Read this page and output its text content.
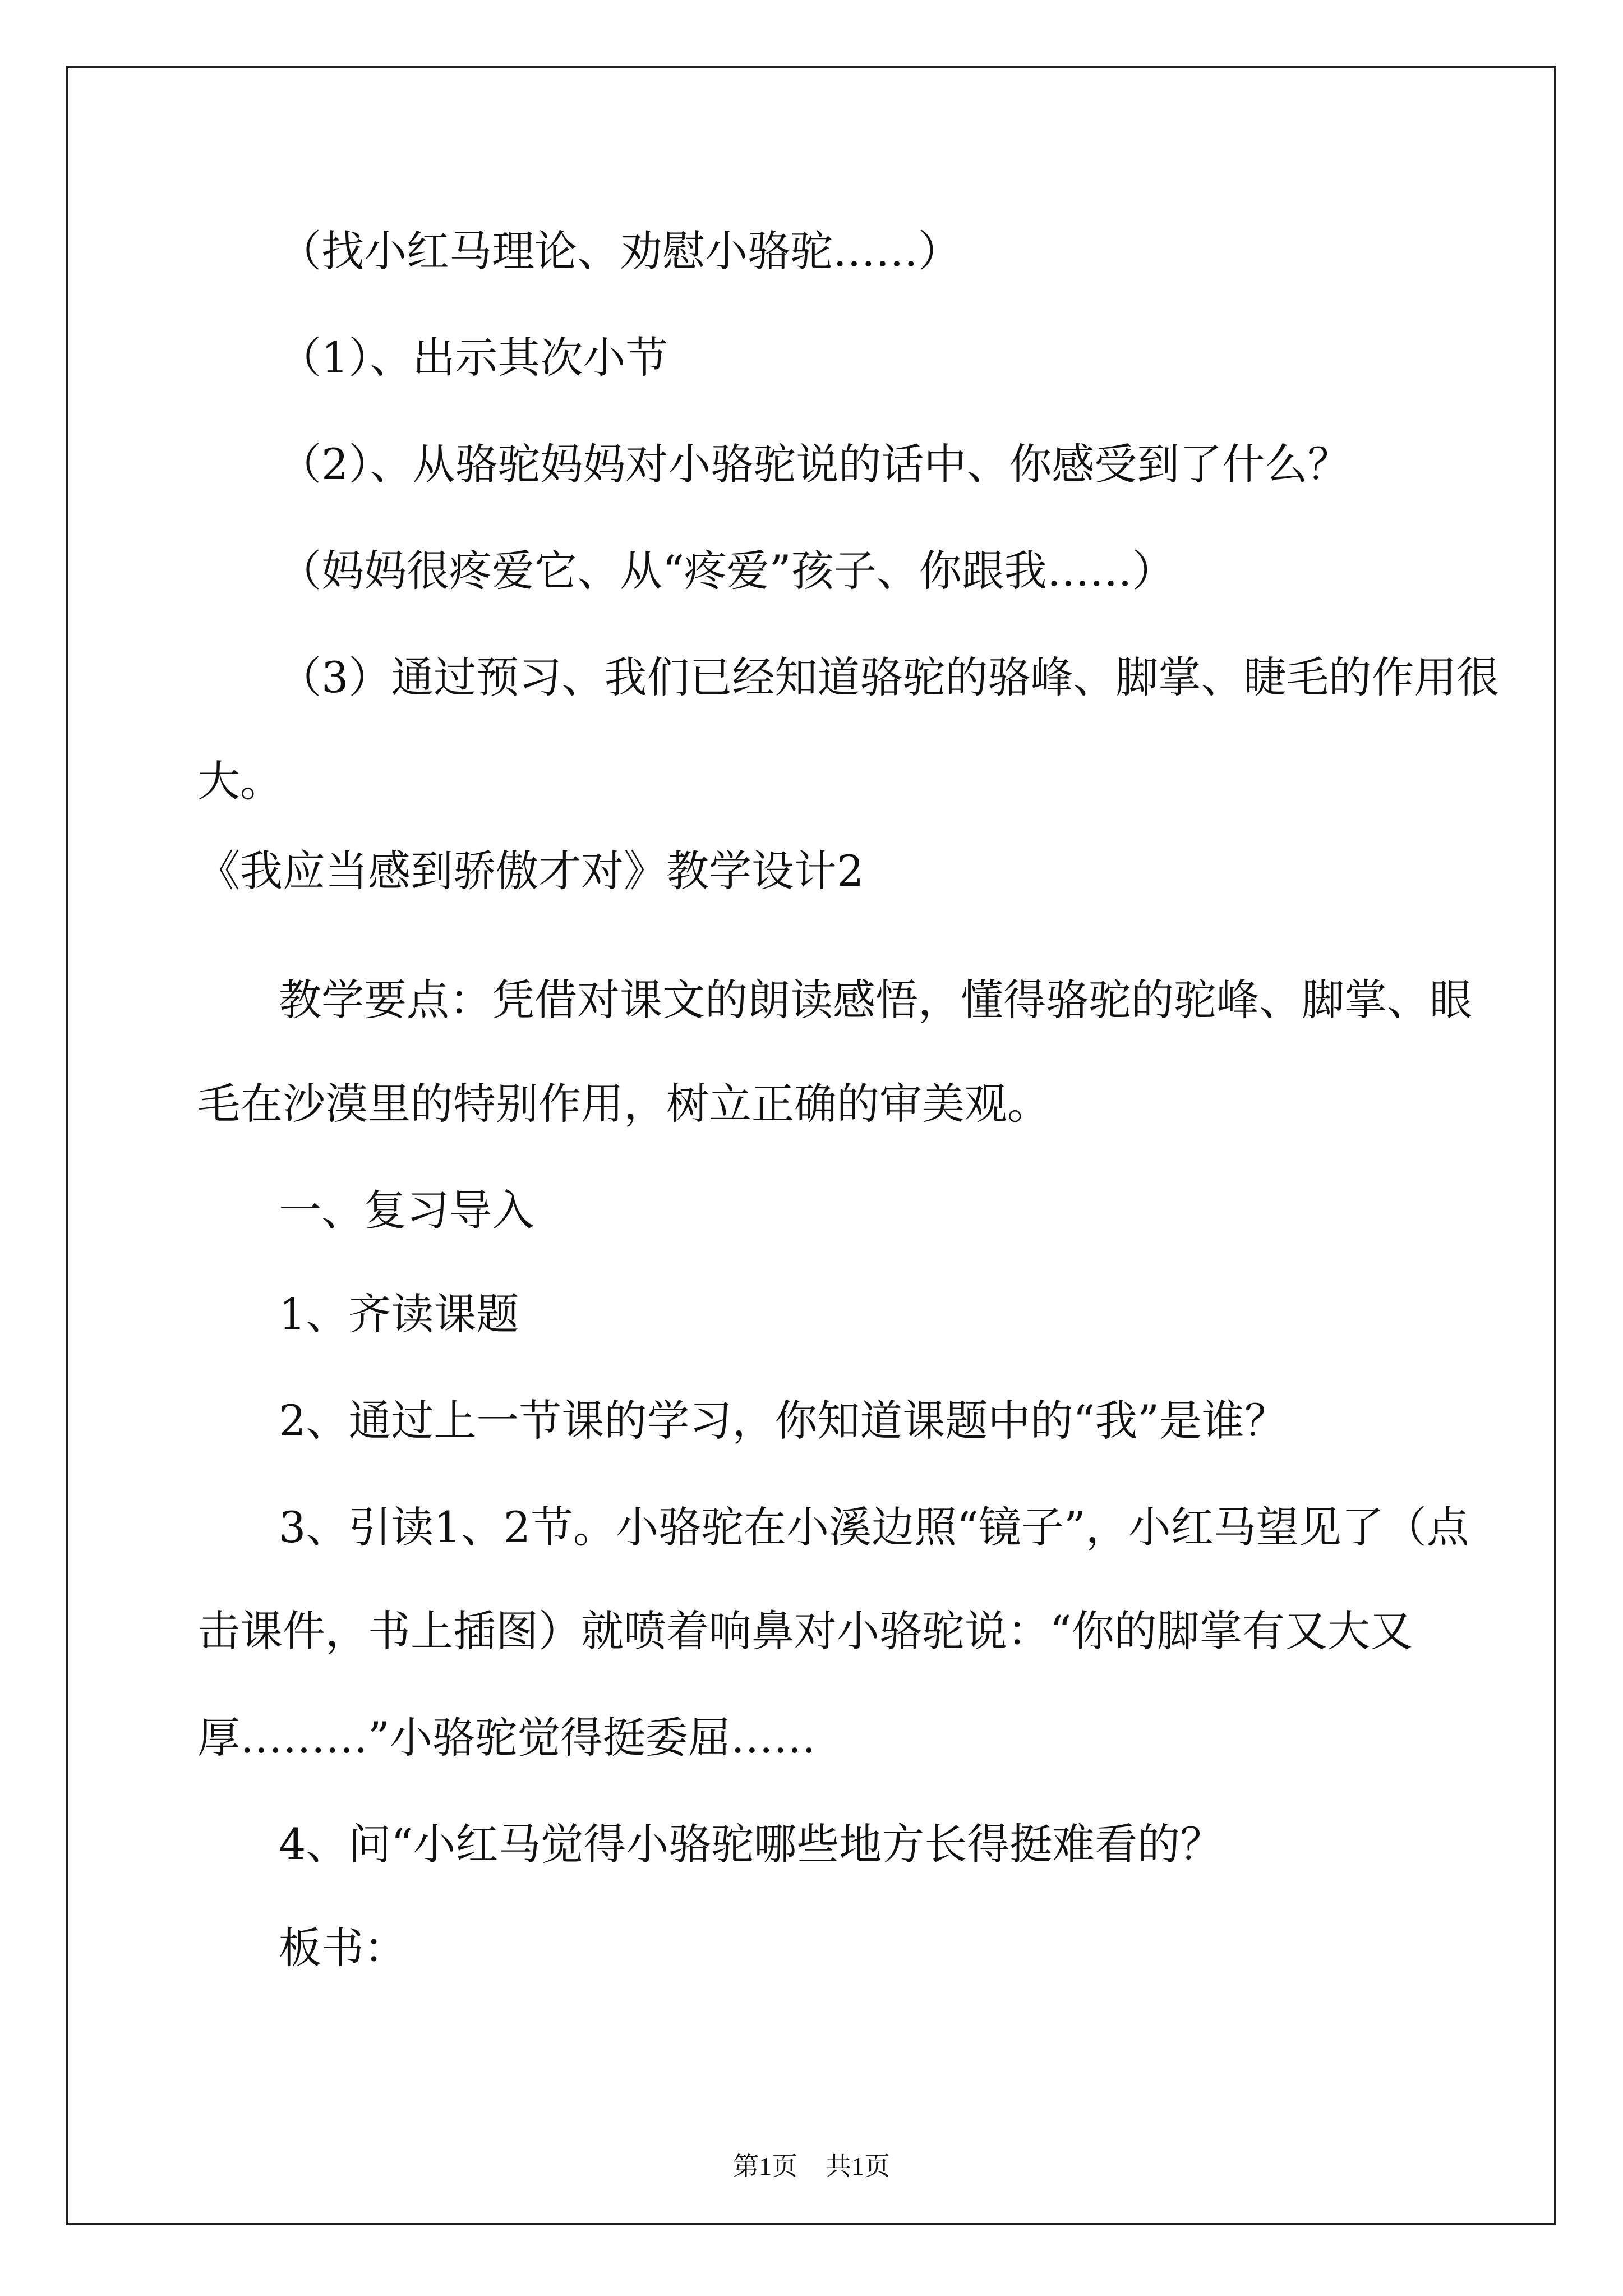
（找小红马理论、劝慰小骆驼……）

（1）、出示其次小节

（2）、从骆驼妈妈对小骆驼说的话中、你感受到了什么？

（妈妈很疼爱它、从“疼爱”孩子、你跟我……）

（3）通过预习、我们已经知道骆驼的骆峰、脚掌、睫毛的作用很

大。

《我应当感到骄傲才对》教学设计2

教学要点：凭借对课文的朗读感悟，懂得骆驼的驼峰、脚掌、眼

毛在沙漠里的特别作用，树立正确的审美观。

一、复习导入

1、齐读课题

2、通过上一节课的学习，你知道课题中的“我”是谁？

3、引读1、2节。小骆驼在小溪边照“镜子”，小红马望见了（点

击课件，书上插图）就喷着响鼻对小骆驼说：“你的脚掌有又大又

厚………”小骆驼觉得挺委屈……

4、问“小红马觉得小骆驼哪些地方长得挺难看的？

板书：

第1页 共1页
